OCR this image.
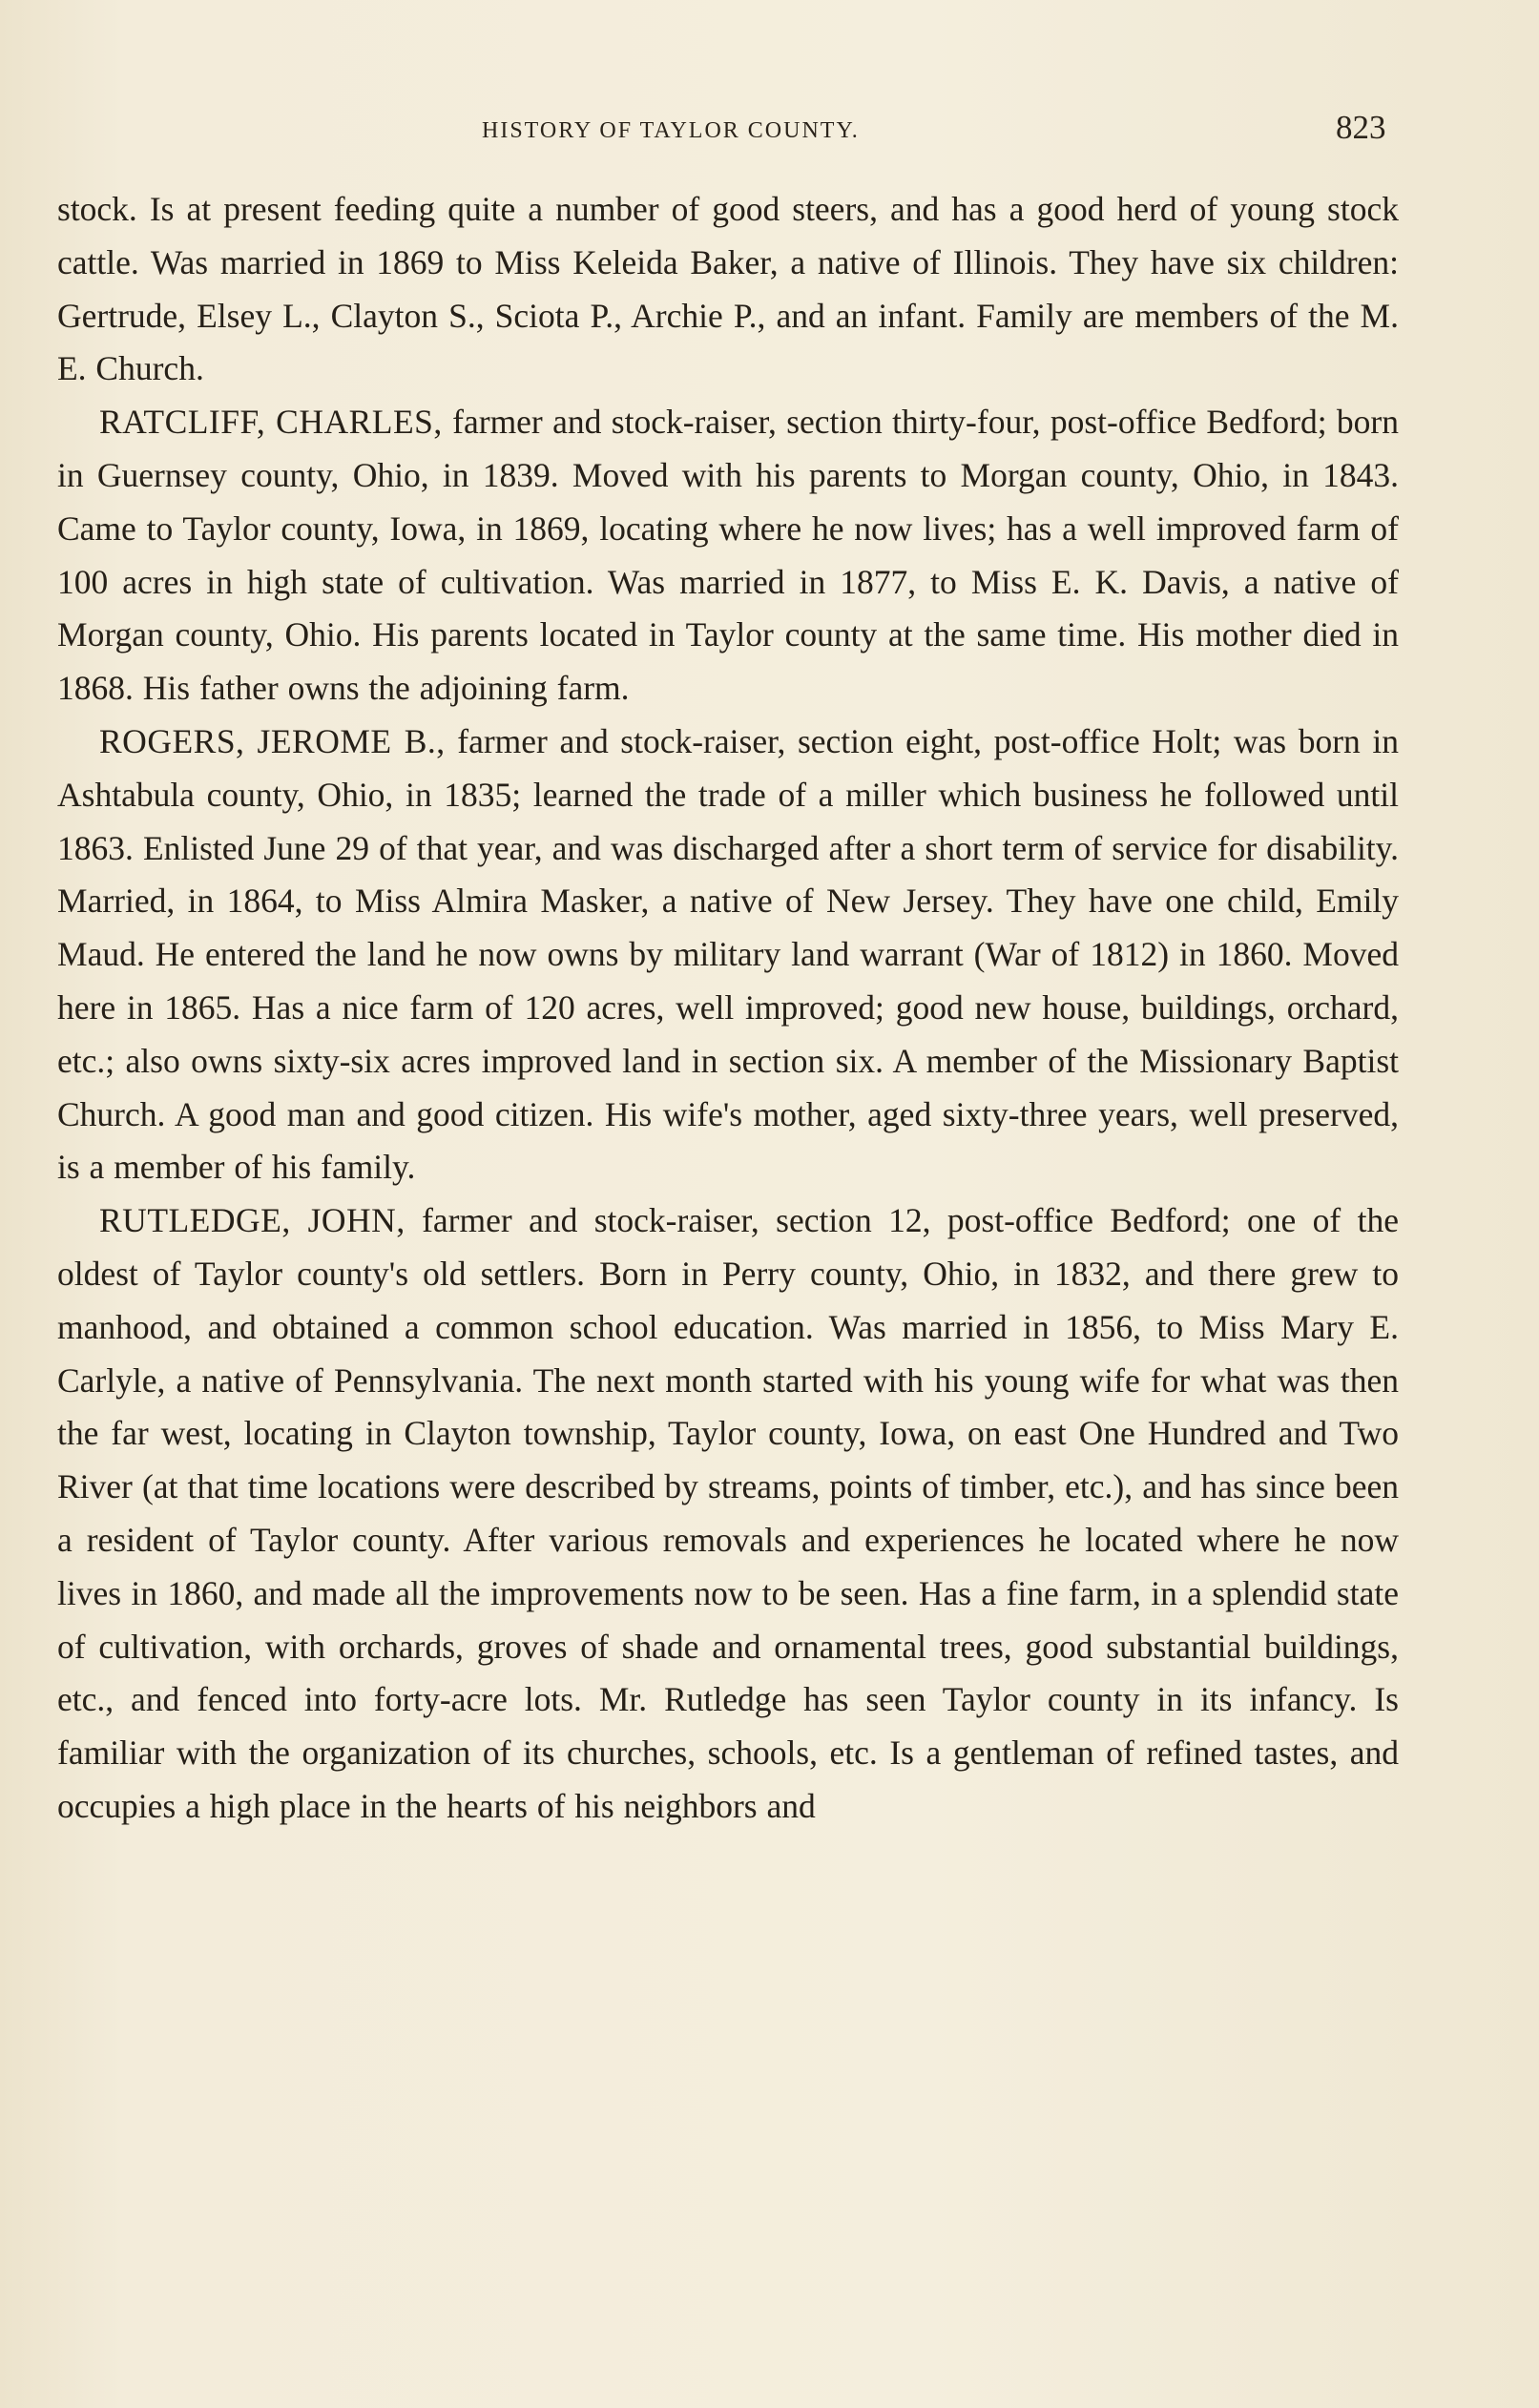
HISTORY OF TAYLOR COUNTY.	823

stock. Is at present feeding quite a number of good steers, and has a good herd of young stock cattle. Was married in 1869 to Miss Keleida Baker, a native of Illinois. They have six children: Gertrude, Elsey L., Clayton S., Sciota P., Archie P., and an infant. Family are members of the M. E. Church.

RATCLIFF, CHARLES, farmer and stock-raiser, section thirty-four, post-office Bedford; born in Guernsey county, Ohio, in 1839. Moved with his parents to Morgan county, Ohio, in 1843. Came to Taylor county, Iowa, in 1869, locating where he now lives; has a well improved farm of 100 acres in high state of cultivation. Was married in 1877, to Miss E. K. Davis, a native of Morgan county, Ohio. His parents located in Taylor county at the same time. His mother died in 1868. His father owns the adjoining farm.

ROGERS, JEROME B., farmer and stock-raiser, section eight, post-office Holt; was born in Ashtabula county, Ohio, in 1835; learned the trade of a miller which business he followed until 1863. Enlisted June 29 of that year, and was discharged after a short term of service for disability. Married, in 1864, to Miss Almira Masker, a native of New Jersey. They have one child, Emily Maud. He entered the land he now owns by military land warrant (War of 1812) in 1860. Moved here in 1865. Has a nice farm of 120 acres, well improved; good new house, buildings, orchard, etc.; also owns sixty-six acres improved land in section six. A member of the Missionary Baptist Church. A good man and good citizen. His wife's mother, aged sixty-three years, well preserved, is a member of his family.

RUTLEDGE, JOHN, farmer and stock-raiser, section 12, post-office Bedford; one of the oldest of Taylor county's old settlers. Born in Perry county, Ohio, in 1832, and there grew to manhood, and obtained a common school education. Was married in 1856, to Miss Mary E. Carlyle, a native of Pennsylvania. The next month started with his young wife for what was then the far west, locating in Clayton township, Taylor county, Iowa, on east One Hundred and Two River (at that time locations were described by streams, points of timber, etc.), and has since been a resident of Taylor county. After various removals and experiences he located where he now lives in 1860, and made all the improvements now to be seen. Has a fine farm, in a splendid state of cultivation, with orchards, groves of shade and ornamental trees, good substantial buildings, etc., and fenced into forty-acre lots. Mr. Rutledge has seen Taylor county in its infancy. Is familiar with the organization of its churches, schools, etc. Is a gentleman of refined tastes, and occupies a high place in the hearts of his neighbors and
